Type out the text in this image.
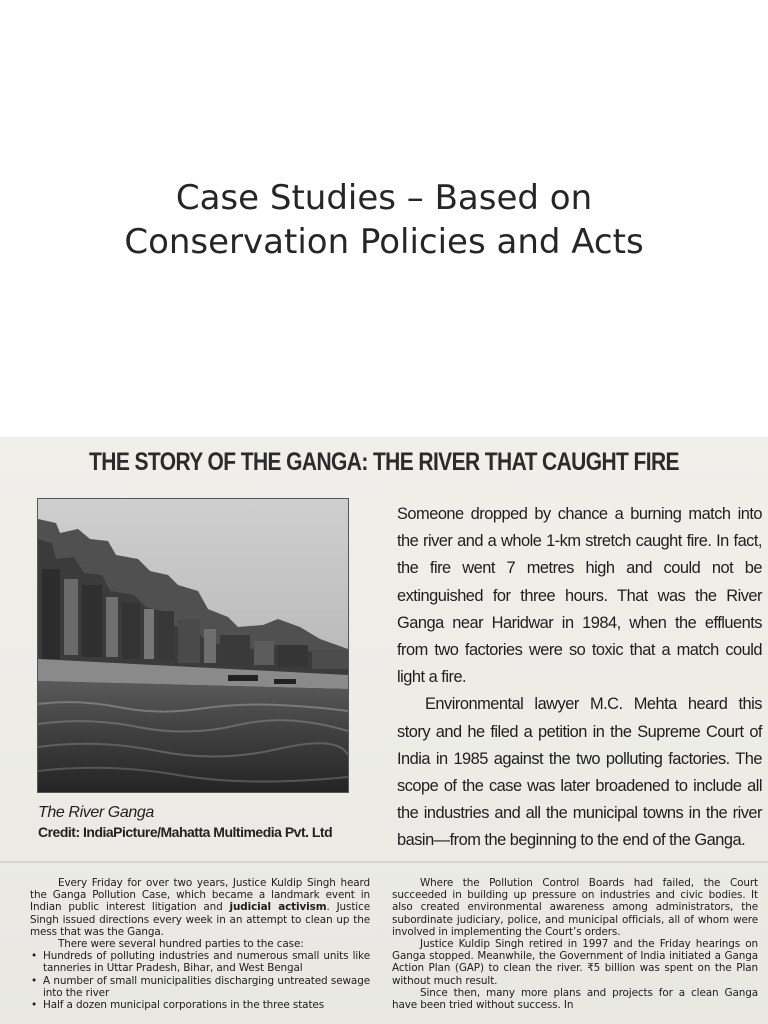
Case Studies – Based on
Conservation Policies and Acts
THE STORY OF THE GANGA: THE RIVER THAT CAUGHT FIRE
The River Ganga
Credit: IndiaPicture/Mahatta Multimedia Pvt. Ltd

Someone dropped by chance a burning match into the river and a whole 1-km stretch caught fire. In fact, the fire went 7 metres high and could not be extinguished for three hours. That was the River Ganga near Haridwar in 1984, when the effluents from two factories were so toxic that a match could light a fire.

Environmental lawyer M.C. Mehta heard this story and he filed a petition in the Supreme Court of India in 1985 against the two polluting factories. The scope of the case was later broadened to include all the industries and all the municipal towns in the river basin—from the beginning to the end of the Ganga.

Every Friday for over two years, Justice Kuldip Singh heard the Ganga Pollution Case, which became a landmark event in Indian public interest litigation and judicial activism. Justice Singh issued directions every week in an attempt to clean up the mess that was the Ganga.

There were several hundred parties to the case:

• Hundreds of polluting industries and numerous small units like tanneries in Uttar Pradesh, Bihar, and West Bengal
• A number of small municipalities discharging untreated sewage into the river
• Half a dozen municipal corporations in the three states

Where the Pollution Control Boards had failed, the Court succeeded in building up pressure on industries and civic bodies. It also created environmental awareness among administrators, the subordinate judiciary, police, and municipal officials, all of whom were involved in implementing the Court’s orders.

Justice Kuldip Singh retired in 1997 and the Friday hearings on Ganga stopped. Meanwhile, the Government of India initiated a Ganga Action Plan (GAP) to clean the river. ₹5 billion was spent on the Plan without much result.

Since then, many more plans and projects for a clean Ganga have been tried without success. In
